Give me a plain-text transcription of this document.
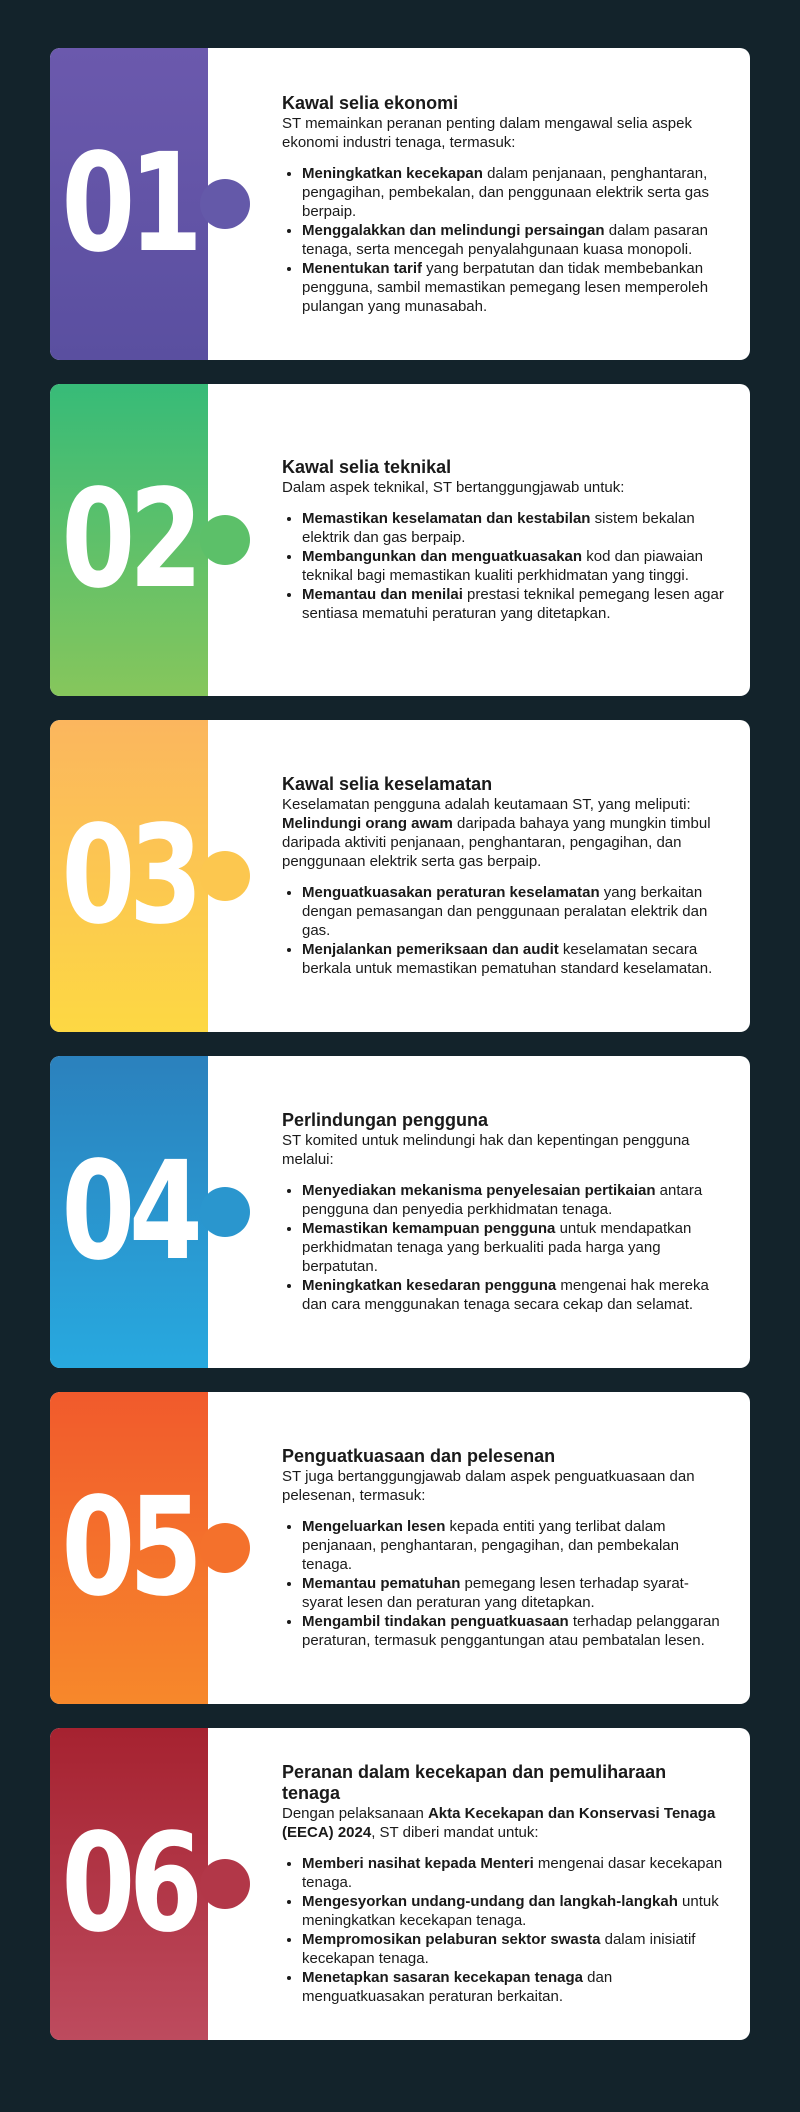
01

Kawal selia ekonomi

ST memainkan peranan penting dalam mengawal selia aspek ekonomi industri tenaga, termasuk:

• Meningkatkan kecekapan dalam penjanaan, penghantaran, pengagihan, pembekalan, dan penggunaan elektrik serta gas berpaip.
• Menggalakkan dan melindungi persaingan dalam pasaran tenaga, serta mencegah penyalahgunaan kuasa monopoli.
• Menentukan tarif yang berpatutan dan tidak membebankan pengguna, sambil memastikan pemegang lesen memperoleh pulangan yang munasabah.
02	Kawal selia teknikal

Dalam aspek teknikal, ST bertanggungjawab untuk:

• Memastikan keselamatan dan kestabilan sistem bekalan elektrik dan gas berpaip.
• Membangunkan dan menguatkuasakan kod dan piawaian teknikal bagi memastikan kualiti perkhidmatan yang tinggi.
• Memantau dan menilai prestasi teknikal pemegang lesen agar sentiasa mematuhi peraturan yang ditetapkan.
03

Kawal selia keselamatan

Keselamatan pengguna adalah keutamaan ST, yang meliputi: Melindungi orang awam daripada bahaya yang mungkin timbul daripada aktiviti penjanaan, penghantaran, pengagihan, dan penggunaan elektrik serta gas berpaip.

• Menguatkuasakan peraturan keselamatan yang berkaitan dengan pemasangan dan penggunaan peralatan elektrik dan gas.
• Menjalankan pemeriksaan dan audit keselamatan secara berkala untuk memastikan pematuhan standard keselamatan.
04

Perlindungan pengguna

ST komited untuk melindungi hak dan kepentingan pengguna melalui:

• Menyediakan mekanisma penyelesaian pertikaian antara pengguna dan penyedia perkhidmatan tenaga.
• Memastikan kemampuan pengguna untuk mendapatkan perkhidmatan tenaga yang berkualiti pada harga yang berpatutan.
• Meningkatkan kesedaran pengguna mengenai hak mereka dan cara menggunakan tenaga secara cekap dan selamat.
05

Penguatkuasaan dan pelesenan

ST juga bertanggungjawab dalam aspek penguatkuasaan dan pelesenan, termasuk:

• Mengeluarkan lesen kepada entiti yang terlibat dalam penjanaan, penghantaran, pengagihan, dan pembekalan tenaga.
• Memantau pematuhan pemegang lesen terhadap syarat-syarat lesen dan peraturan yang ditetapkan.
• Mengambil tindakan penguatkuasaan terhadap pelanggaran peraturan, termasuk penggantungan atau pembatalan lesen.
06

Peranan dalam kecekapan dan pemuliharaan tenaga

Dengan pelaksanaan Akta Kecekapan dan Konservasi Tenaga (EECA) 2024, ST diberi mandat untuk:

• Memberi nasihat kepada Menteri mengenai dasar kecekapan tenaga.
• Mengesyorkan undang-undang dan langkah-langkah untuk meningkatkan kecekapan tenaga.
• Mempromosikan pelaburan sektor swasta dalam inisiatif kecekapan tenaga.
• Menetapkan sasaran kecekapan tenaga dan menguatkuasakan peraturan berkaitan.
